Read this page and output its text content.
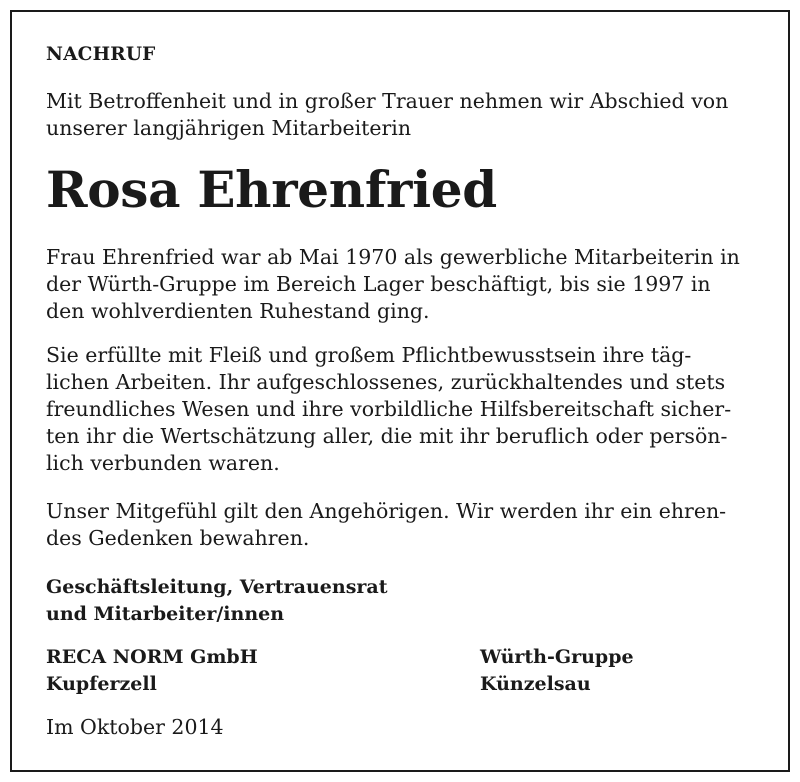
NACHRUF
Mit Betroffenheit und in großer Trauer nehmen wir Abschied von
unserer langjährigen Mitarbeiterin
Rosa Ehrenfried
Frau Ehrenfried war ab Mai 1970 als gewerbliche Mitarbeiterin in
der Würth-Gruppe im Bereich Lager beschäftigt, bis sie 1997 in
den wohlverdienten Ruhestand ging.
Sie erfüllte mit Fleiß und großem Pflichtbewusstsein ihre täg-
lichen Arbeiten. Ihr aufgeschlossenes, zurückhaltendes und stets
freundliches Wesen und ihre vorbildliche Hilfsbereitschaft sicher-
ten ihr die Wertschätzung aller, die mit ihr beruflich oder persön-
lich verbunden waren.
Unser Mitgefühl gilt den Angehörigen. Wir werden ihr ein ehren-
des Gedenken bewahren.
Geschäftsleitung, Vertrauensrat
und Mitarbeiter/innen
RECA NORM GmbH
Kupferzell
Würth-Gruppe
Künzelsau
Im Oktober 2014
